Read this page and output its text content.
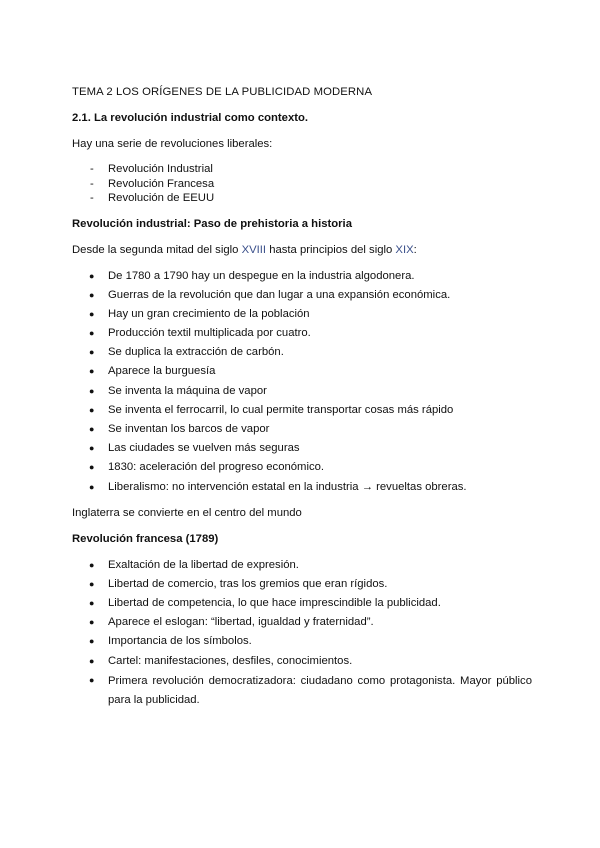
TEMA 2 LOS ORÍGENES DE LA PUBLICIDAD MODERNA
2.1. La revolución industrial como contexto.
Hay una serie de revoluciones liberales:
- Revolución Industrial
- Revolución Francesa
- Revolución de EEUU
Revolución industrial: Paso de prehistoria a historia
Desde la segunda mitad del siglo XVIII hasta principios del siglo XIX:
● De 1780 a 1790 hay un despegue en la industria algodonera.
● Guerras de la revolución que dan lugar a una expansión económica.
● Hay un gran crecimiento de la población
● Producción textil multiplicada por cuatro.
● Se duplica la extracción de carbón.
● Aparece la burguesía
● Se inventa la máquina de vapor
● Se inventa el ferrocarril, lo cual permite transportar cosas más rápido
● Se inventan los barcos de vapor
● Las ciudades se vuelven más seguras
● 1830: aceleración del progreso económico.
● Liberalismo: no intervención estatal en la industria → revueltas obreras.
Inglaterra se convierte en el centro del mundo
Revolución francesa (1789)
● Exaltación de la libertad de expresión.
● Libertad de comercio, tras los gremios que eran rígidos.
● Libertad de competencia, lo que hace imprescindible la publicidad.
● Aparece el eslogan: “libertad, igualdad y fraternidad”.
● Importancia de los símbolos.
● Cartel: manifestaciones, desfiles, conocimientos.
● Primera revolución democratizadora: ciudadano como protagonista. Mayor público para la publicidad.
